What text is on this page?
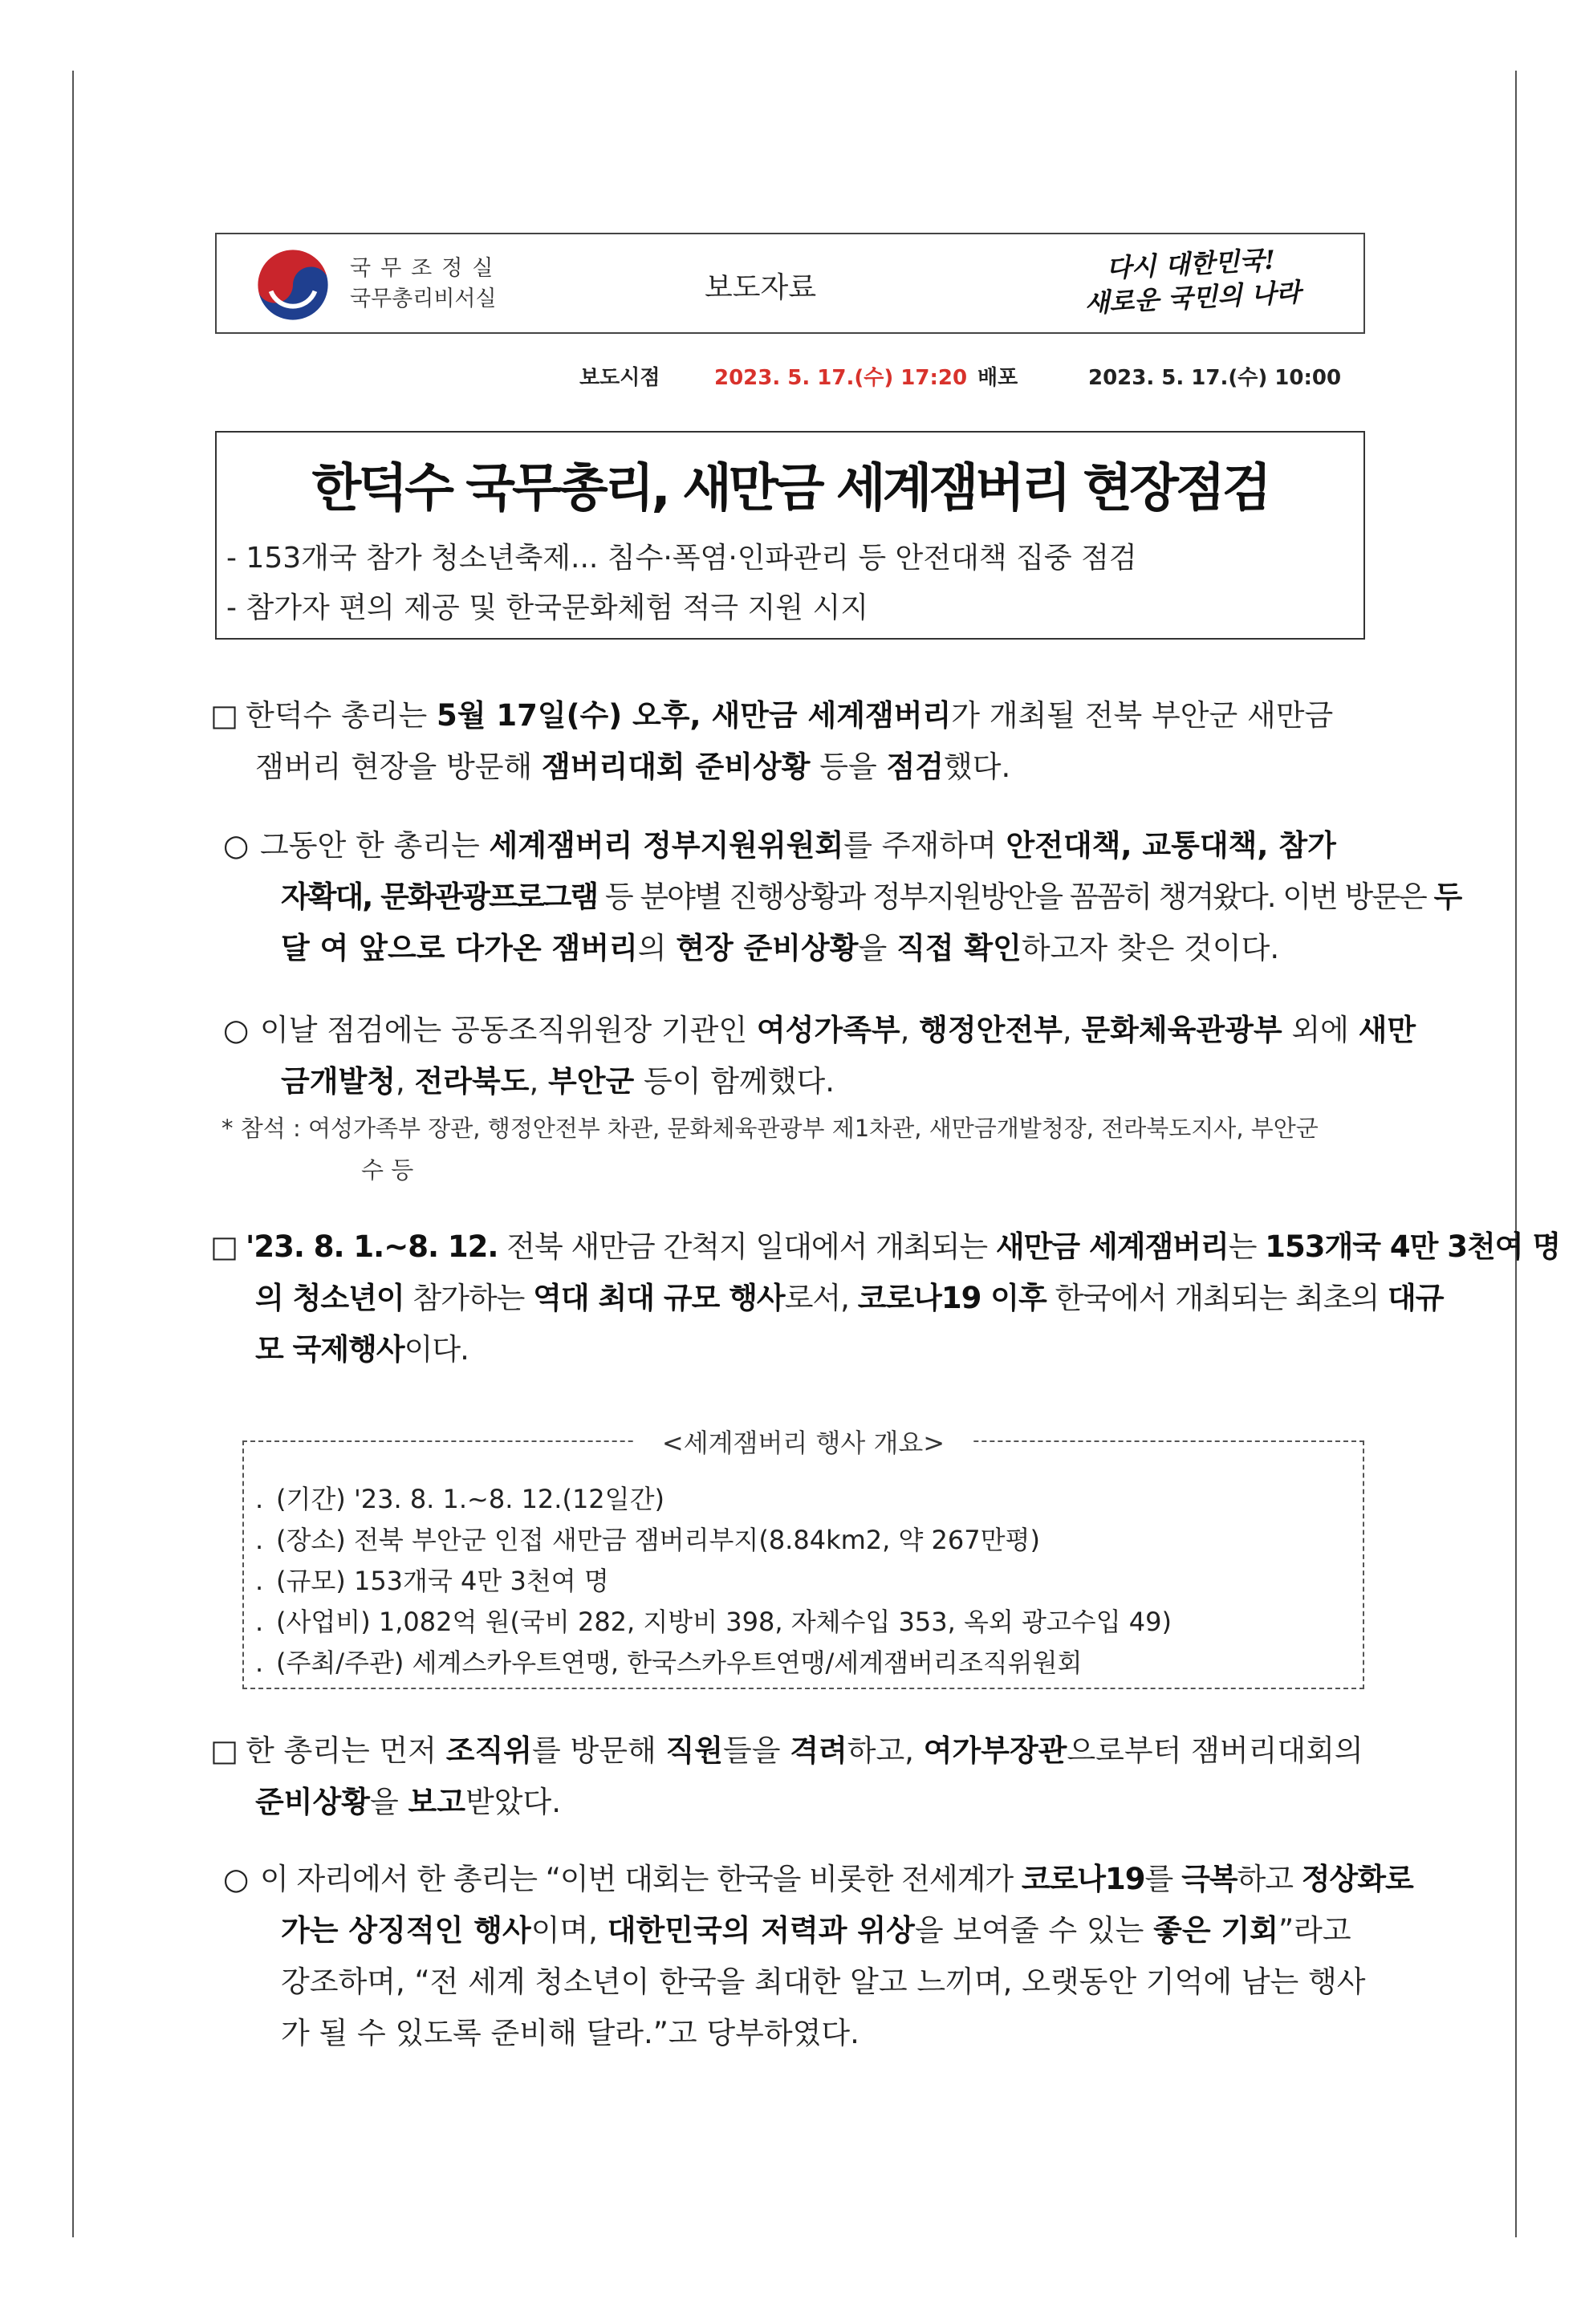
국무조정실
국무총리비서실	보도자료
다시 대한민국!
새로운 국민의 나라
보도시점	2023. 5. 17.(수) 17:20 배포	2023. 5. 17.(수) 10:00
한덕수 국무총리, 새만금 세계잼버리 현장점검
- 153개국 참가 청소년축제... 침수·폭염·인파관리 등 안전대책 집중 점검
- 참가자 편의 제공 및 한국문화체험 적극 지원 시지
□ 한덕수 총리는 5월 17일(수) 오후, 새만금 세계잼버리가 개최될 전북 부안군 새만금
잼버리 현장을 방문해 잼버리대회 준비상황 등을 점검했다.
○ 그동안 한 총리는 세계잼버리 정부지원위원회를 주재하며 안전대책, 교통대책, 참가
자확대, 문화관광프로그램 등 분야별 진행상황과 정부지원방안을 꼼꼼히 챙겨왔다. 이번 방문은 두
달 여 앞으로 다가온 잼버리의 현장 준비상황을 직접 확인하고자 찾은 것이다.
○ 이날 점검에는 공동조직위원장 기관인 여성가족부, 행정안전부, 문화체육관광부 외에 새만
금개발청, 전라북도, 부안군 등이 함께했다.
* 참석 : 여성가족부 장관, 행정안전부 차관, 문화체육관광부 제1차관, 새만금개발청장, 전라북도지사, 부안군
수 등
□ '23. 8. 1.~8. 12. 전북 새만금 간척지 일대에서 개최되는 새만금 세계잼버리는 153개국 4만 3천여 명
의 청소년이 참가하는 역대 최대 규모 행사로서, 코로나19 이후 한국에서 개최되는 최초의 대규
모 국제행사이다.
<세계잼버리 행사 개요>
. (기간) '23. 8. 1.~8. 12.(12일간)
. (장소) 전북 부안군 인접 새만금 잼버리부지(8.84km2, 약 267만평)
. (규모) 153개국 4만 3천여 명
. (사업비) 1,082억 원(국비 282, 지방비 398, 자체수입 353, 옥외 광고수입 49)
. (주최/주관) 세계스카우트연맹, 한국스카우트연맹/세계잼버리조직위원회
□ 한 총리는 먼저 조직위를 방문해 직원들을 격려하고, 여가부장관으로부터 잼버리대회의
준비상황을 보고받았다.
○ 이 자리에서 한 총리는 “이번 대회는 한국을 비롯한 전세계가 코로나19를 극복하고 정상화로
가는 상징적인 행사이며, 대한민국의 저력과 위상을 보여줄 수 있는 좋은 기회”라고
강조하며, “전 세계 청소년이 한국을 최대한 알고 느끼며, 오랫동안 기억에 남는 행사
가 될 수 있도록 준비해 달라.”고 당부하였다.
